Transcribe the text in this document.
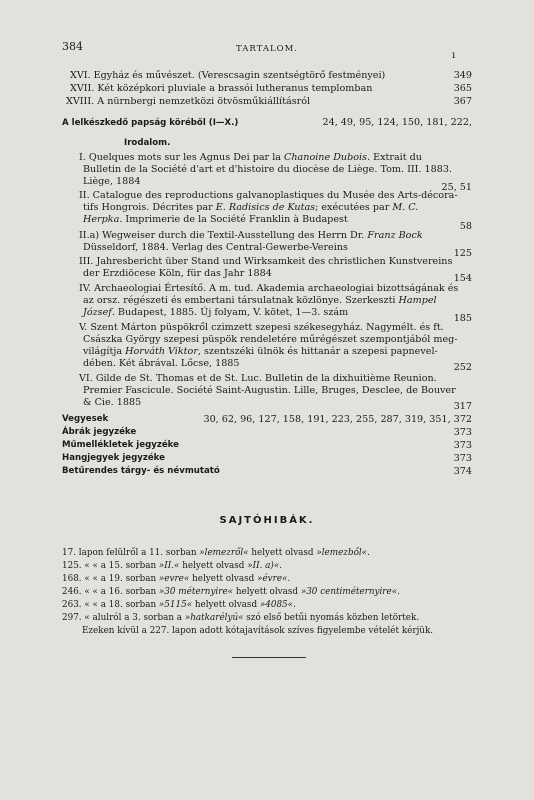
384	TARTALOM.
ı
XVI. Egyház és művészet. (Verescsagin szentségtörő festményei)	349
XVII. Két középkori pluviale a brassói lutheranus templomban	365
XVIII. A nürnbergi nemzetközi ötvösműkiállításról	367
A lelkészkedő papság köréből (I—X.)	24, 49, 95, 124, 150, 181, 222,
Irodalom.
I. Quelques mots sur les Agnus Dei par la Chanoine Dubois. Extrait du
Bulletin de la Société d'art et d'histoire du diocèse de Liège. Tom. III. 1883.
Liège, 1884
25, 51
II. Catalogue des reproductions galvanoplastiques du Musée des Arts-décora-
tifs Hongrois. Décrites par E. Radisics de Kutas; exécutées par M. C.
Herpka. Imprimerie de la Société Franklin à Budapest
58
II.a) Wegweiser durch die Textil-Ausstellung des Herrn Dr. Franz Bock
Düsseldorf, 1884. Verlag des Central-Gewerbe-Vereins
125
III. Jahresbericht über Stand und Wirksamkeit des christlichen Kunstvereins
der Erzdiöcese Köln, für das Jahr 1884	154
IV. Archaeologiai Értesítő. A m. tud. Akademia archaeologiai bizottságának és
az orsz. régészeti és embertani társulatnak közlönye. Szerkeszti Hampel
József. Budapest, 1885. Új folyam, V. kötet, 1—3. szám
185
V. Szent Márton püspökről czimzett szepesi székesegyház. Nagymélt. és ft.
Császka György szepesi püspök rendeletére műrégészet szempontjából meg-
világítja Horváth Viktor, szentszéki ülnök és hittanár a szepesi papnevel-
dében. Két ábrával. Lőcse, 1885	252
VI. Gilde de St. Thomas et de St. Luc. Bulletin de la dixhuitième Reunion.
Premier Fascicule. Société Saint-Augustin. Lille, Bruges, Desclee, de Bouver
& Cie. 1885	317
Vegyesek	30, 62, 96, 127, 158, 191, 223, 255, 287, 319, 351, 372
Ábrák jegyzéke	373
Műmellékletek jegyzéke	373
Hangjegyek jegyzéke	373
Betűrendes tárgy- és névmutató	374
SAJTÓHIBÁK.
17. lapon felülről a 11. sorban »lemezről« helyett olvasd »lemezből«.
125. « « a 15. sorban »II.« helyett olvasd »II. a)«.
168. « « a 19. sorban »evre« helyett olvasd »évre«.
246. « « a 16. sorban »30 méternyire« helyett olvasd »30 centiméternyire«.
263. « « a 18. sorban »5115« helyett olvasd »4085«.
297. « alulról a 3. sorban a »hatkarélyú« szó első betűi nyomás közben letörtek.
Ezeken kívül a 227. lapon adott kótajavítások szíves figyelembe vételét kérjük.
